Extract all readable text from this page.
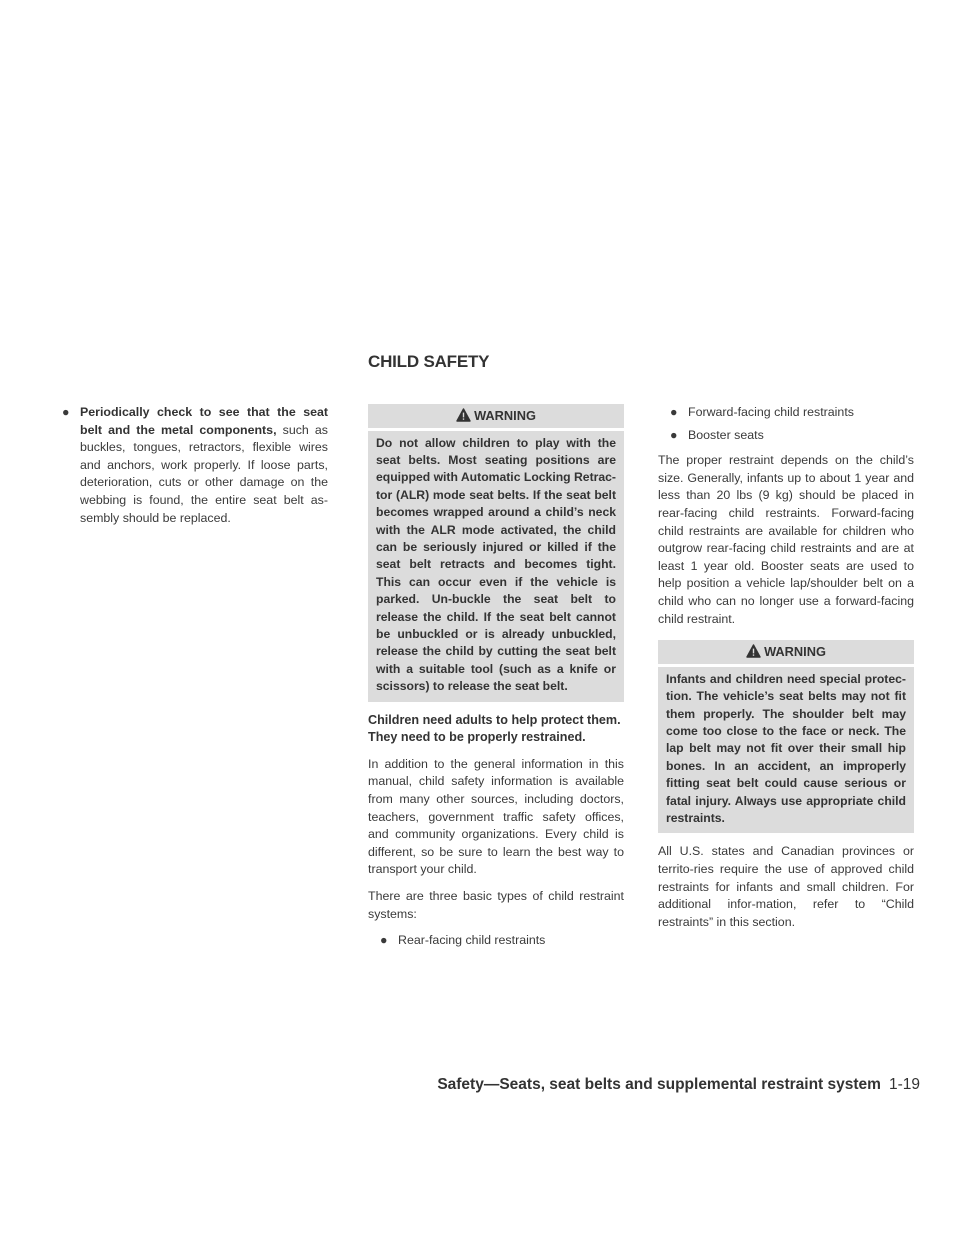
CHILD SAFETY
● Periodically check to see that the seat belt and the metal components, such as buckles, tongues, retractors, flexible wires and anchors, work properly. If loose parts, deterioration, cuts or other damage on the webbing is found, the entire seat belt as-sembly should be replaced.
WARNING
Do not allow children to play with the seat belts. Most seating positions are equipped with Automatic Locking Retrac-tor (ALR) mode seat belts. If the seat belt becomes wrapped around a child’s neck with the ALR mode activated, the child can be seriously injured or killed if the seat belt retracts and becomes tight. This can occur even if the vehicle is parked. Un-buckle the seat belt to release the child. If the seat belt cannot be unbuckled or is already unbuckled, release the child by cutting the seat belt with a suitable tool (such as a knife or scissors) to release the seat belt.
Children need adults to help protect them. They need to be properly restrained.

In addition to the general information in this manual, child safety information is available from many other sources, including doctors, teachers, government traffic safety offices, and community organizations. Every child is different, so be sure to learn the best way to transport your child.

There are three basic types of child restraint systems:

● Rear-facing child restraints
● Forward-facing child restraints
● Booster seats

The proper restraint depends on the child’s size. Generally, infants up to about 1 year and less than 20 lbs (9 kg) should be placed in rear-facing child restraints. Forward-facing child restraints are available for children who outgrow rear-facing child restraints and are at least 1 year old. Booster seats are used to help position a vehicle lap/shoulder belt on a child who can no longer use a forward-facing child restraint.

WARNING
Infants and children need special protec-tion. The vehicle’s seat belts may not fit them properly. The shoulder belt may come too close to the face or neck. The lap belt may not fit over their small hip bones. In an accident, an improperly fitting seat belt could cause serious or fatal injury. Always use appropriate child restraints.

All U.S. states and Canadian provinces or territo-ries require the use of approved child restraints for infants and small children. For additional infor-mation, refer to “Child restraints” in this section.

Safety—Seats, seat belts and supplemental restraint system 1-19
